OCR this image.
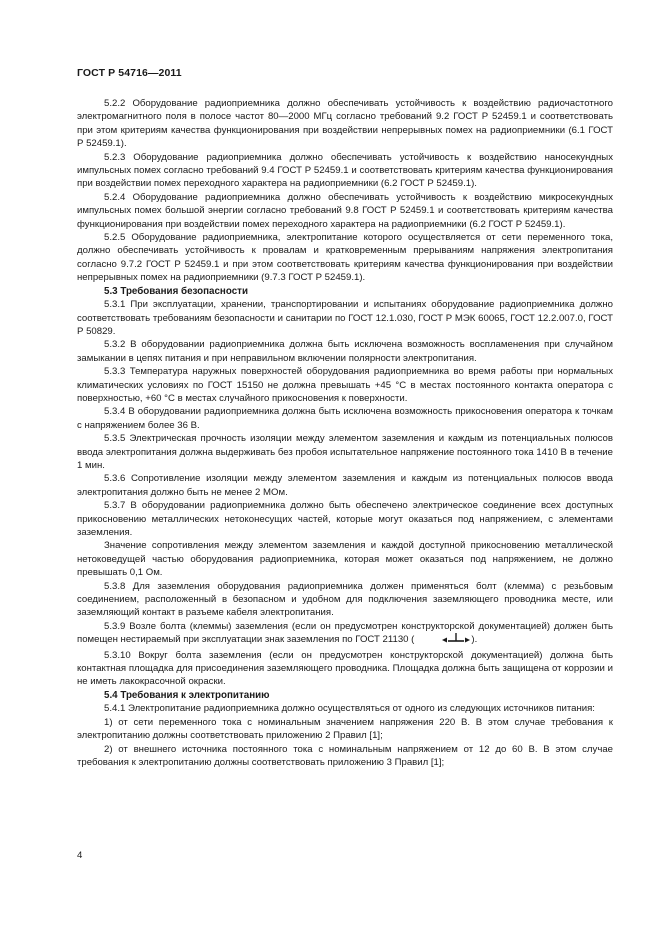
ГОСТ Р 54716—2011

5.2.2 Оборудование радиоприемника должно обеспечивать устойчивость к воздействию радиочастотного электромагнитного поля в полосе частот 80—2000 МГц согласно требований 9.2 ГОСТ Р 52459.1 и соответствовать при этом критериям качества функционирования при воздействии непрерывных помех на радиоприемники (6.1 ГОСТ Р 52459.1).

5.2.3 Оборудование радиоприемника должно обеспечивать устойчивость к воздействию наносекундных импульсных помех согласно требований 9.4 ГОСТ Р 52459.1 и соответствовать критериям качества функционирования при воздействии помех переходного характера на радиоприемники (6.2 ГОСТ Р 52459.1).

5.2.4 Оборудование радиоприемника должно обеспечивать устойчивость к воздействию микросекундных импульсных помех большой энергии согласно требований 9.8 ГОСТ Р 52459.1 и соответствовать критериям качества функционирования при воздействии помех переходного характера на радиоприемники (6.2 ГОСТ Р 52459.1).

5.2.5 Оборудование радиоприемника, электропитание которого осуществляется от сети переменного тока, должно обеспечивать устойчивость к провалам и кратковременным прерываниям напряжения электропитания согласно 9.7.2 ГОСТ Р 52459.1 и при этом соответствовать критериям качества функционирования при воздействии непрерывных помех на радиоприемники (9.7.3 ГОСТ Р 52459.1).

5.3 Требования безопасности

5.3.1 При эксплуатации, хранении, транспортировании и испытаниях оборудование радиоприемника должно соответствовать требованиям безопасности и санитарии по ГОСТ 12.1.030, ГОСТ Р МЭК 60065, ГОСТ 12.2.007.0, ГОСТ Р 50829.

5.3.2 В оборудовании радиоприемника должна быть исключена возможность воспламенения при случайном замыкании в цепях питания и при неправильном включении полярности электропитания.

5.3.3 Температура наружных поверхностей оборудования радиоприемника во время работы при нормальных климатических условиях по ГОСТ 15150 не должна превышать +45 °С в местах постоянного контакта оператора с поверхностью, +60 °С в местах случайного прикосновения к поверхности.

5.3.4 В оборудовании радиоприемника должна быть исключена возможность прикосновения оператора к точкам с напряжением более 36 В.

5.3.5 Электрическая прочность изоляции между элементом заземления и каждым из потенциальных полюсов ввода электропитания должна выдерживать без пробоя испытательное напряжение постоянного тока 1410 В в течение 1 мин.

5.3.6 Сопротивление изоляции между элементом заземления и каждым из потенциальных полюсов ввода электропитания должно быть не менее 2 МОм.

5.3.7 В оборудовании радиоприемника должно быть обеспечено электрическое соединение всех доступных прикосновению металлических нетоконесущих частей, которые могут оказаться под напряжением, с элементами заземления.

Значение сопротивления между элементом заземления и каждой доступной прикосновению металлической нетоковедущей частью оборудования радиоприемника, которая может оказаться под напряжением, не должно превышать 0,1 Ом.

5.3.8 Для заземления оборудования радиоприемника должен применяться болт (клемма) с резьбовым соединением, расположенный в безопасном и удобном для подключения заземляющего проводника месте, или заземляющий контакт в разъеме кабеля электропитания.

5.3.9 Возле болта (клеммы) заземления (если он предусмотрен конструкторской документацией) должен быть помещен нестираемый при эксплуатации знак заземления по ГОСТ 21130 (	).

5.3.10 Вокруг болта заземления (если он предусмотрен конструкторской документацией) должна быть контактная площадка для присоединения заземляющего проводника. Площадка должна быть защищена от коррозии и не иметь лакокрасочной окраски.

5.4 Требования к электропитанию

5.4.1 Электропитание радиоприемника должно осуществляться от одного из следующих источников питания:

1) от сети переменного тока с номинальным значением напряжения 220 В. В этом случае требования к электропитанию должны соответствовать приложению 2 Правил [1];

2) от внешнего источника постоянного тока с номинальным напряжением от 12 до 60 В. В этом случае требования к электропитанию должны соответствовать приложению 3 Правил [1];

4
